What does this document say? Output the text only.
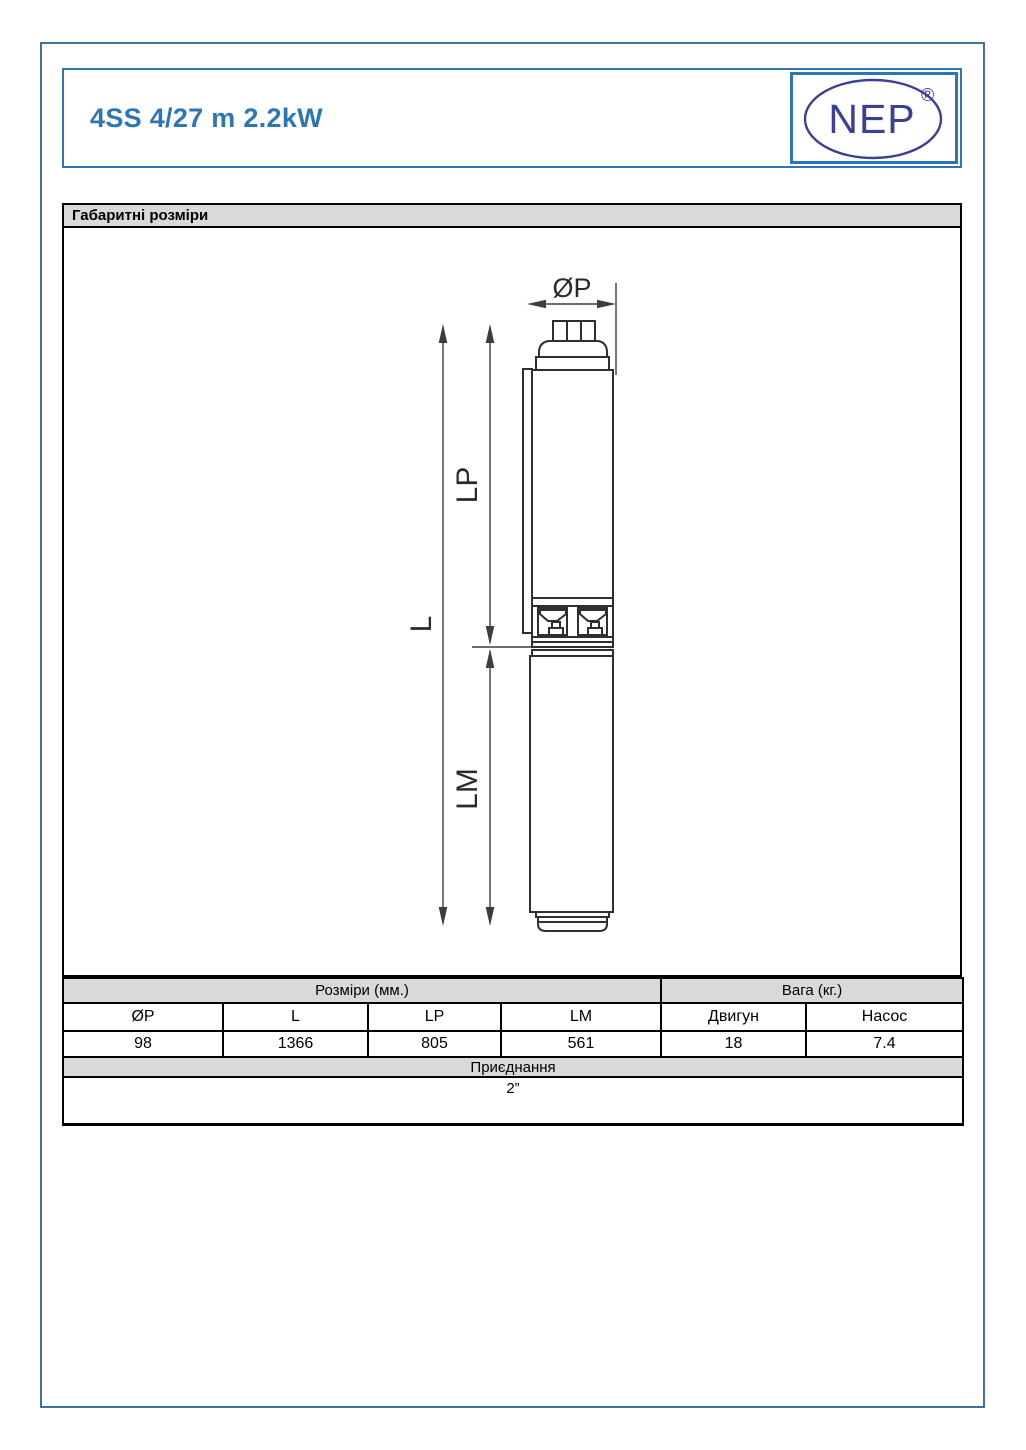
4SS 4/27 m 2.2kW	NEP
®
Габаритні розміри
ØP
L
LP
LM
Розміри (мм.)				Вага (кг.)	
ØP	L	LP	LM	Двигун	Насос
98	1366	805	561	18	7.4
Приєднання					
2”					
